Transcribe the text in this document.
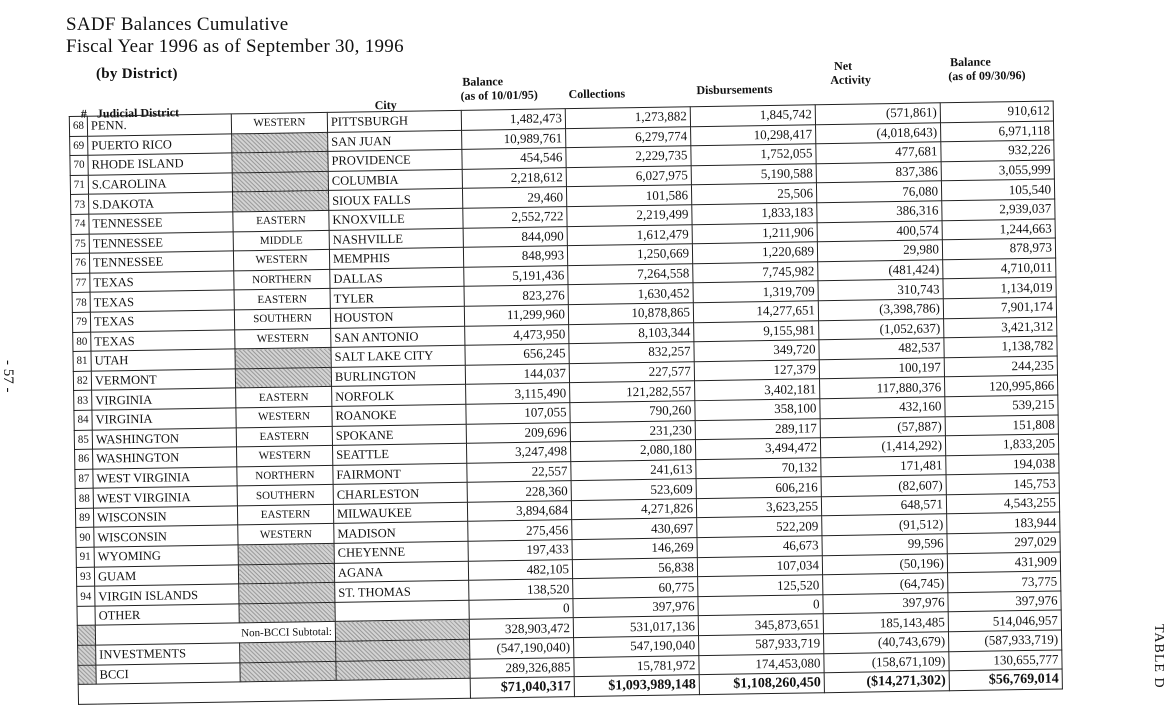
SADF Balances Cumulative
Fiscal Year 1996 as of September 30, 1996
(by District)
- 57 -
TABLE D
# Judicial District
City
Balance
(as of 10/01/95)	Collections	Disbursements
Net
Activity
Balance
(as of 09/30/96)
68	PENN.	WESTERN	PITTSBURGH	1,482,473	1,273,882	1,845,742	(571,861)	910,612
69	PUERTO RICO		SAN JUAN	10,989,761	6,279,774	10,298,417	(4,018,643)	6,971,118
70	RHODE ISLAND		PROVIDENCE	454,546	2,229,735	1,752,055	477,681	932,226
71	S.CAROLINA		COLUMBIA	2,218,612	6,027,975	5,190,588	837,386	3,055,999
73	S.DAKOTA		SIOUX FALLS	29,460	101,586	25,506	76,080	105,540
74	TENNESSEE	EASTERN	KNOXVILLE	2,552,722	2,219,499	1,833,183	386,316	2,939,037
75	TENNESSEE	MIDDLE	NASHVILLE	844,090	1,612,479	1,211,906	400,574	1,244,663
76	TENNESSEE	WESTERN	MEMPHIS	848,993	1,250,669	1,220,689	29,980	878,973
77	TEXAS	NORTHERN	DALLAS	5,191,436	7,264,558	7,745,982	(481,424)	4,710,011
78	TEXAS	EASTERN	TYLER	823,276	1,630,452	1,319,709	310,743	1,134,019
79	TEXAS	SOUTHERN	HOUSTON	11,299,960	10,878,865	14,277,651	(3,398,786)	7,901,174
80	TEXAS	WESTERN	SAN ANTONIO	4,473,950	8,103,344	9,155,981	(1,052,637)	3,421,312
81	UTAH		SALT LAKE CITY	656,245	832,257	349,720	482,537	1,138,782
82	VERMONT		BURLINGTON	144,037	227,577	127,379	100,197	244,235
83	VIRGINIA	EASTERN	NORFOLK	3,115,490	121,282,557	3,402,181	117,880,376	120,995,866
84	VIRGINIA	WESTERN	ROANOKE	107,055	790,260	358,100	432,160	539,215
85	WASHINGTON	EASTERN	SPOKANE	209,696	231,230	289,117	(57,887)	151,808
86	WASHINGTON	WESTERN	SEATTLE	3,247,498	2,080,180	3,494,472	(1,414,292)	1,833,205
87	WEST VIRGINIA	NORTHERN	FAIRMONT	22,557	241,613	70,132	171,481	194,038
88	WEST VIRGINIA	SOUTHERN	CHARLESTON	228,360	523,609	606,216	(82,607)	145,753
89	WISCONSIN	EASTERN	MILWAUKEE	3,894,684	4,271,826	3,623,255	648,571	4,543,255
90	WISCONSIN	WESTERN	MADISON	275,456	430,697	522,209	(91,512)	183,944
91	WYOMING		CHEYENNE	197,433	146,269	46,673	99,596	297,029
93	GUAM		AGANA	482,105	56,838	107,034	(50,196)	431,909
94	VIRGIN ISLANDS		ST. THOMAS	138,520	60,775	125,520	(64,745)	73,775
	OTHER			0	397,976	0	397,976	397,976
	Non-BCCI Subtotal:			328,903,472	531,017,136	345,873,651	185,143,485	514,046,957
	INVESTMENTS			(547,190,040)	547,190,040	587,933,719	(40,743,679)	(587,933,719)
	BCCI			289,326,885	15,781,972	174,453,080	(158,671,109)	130,655,777
				$71,040,317	$1,093,989,148	$1,108,260,450	($14,271,302)	$56,769,014
